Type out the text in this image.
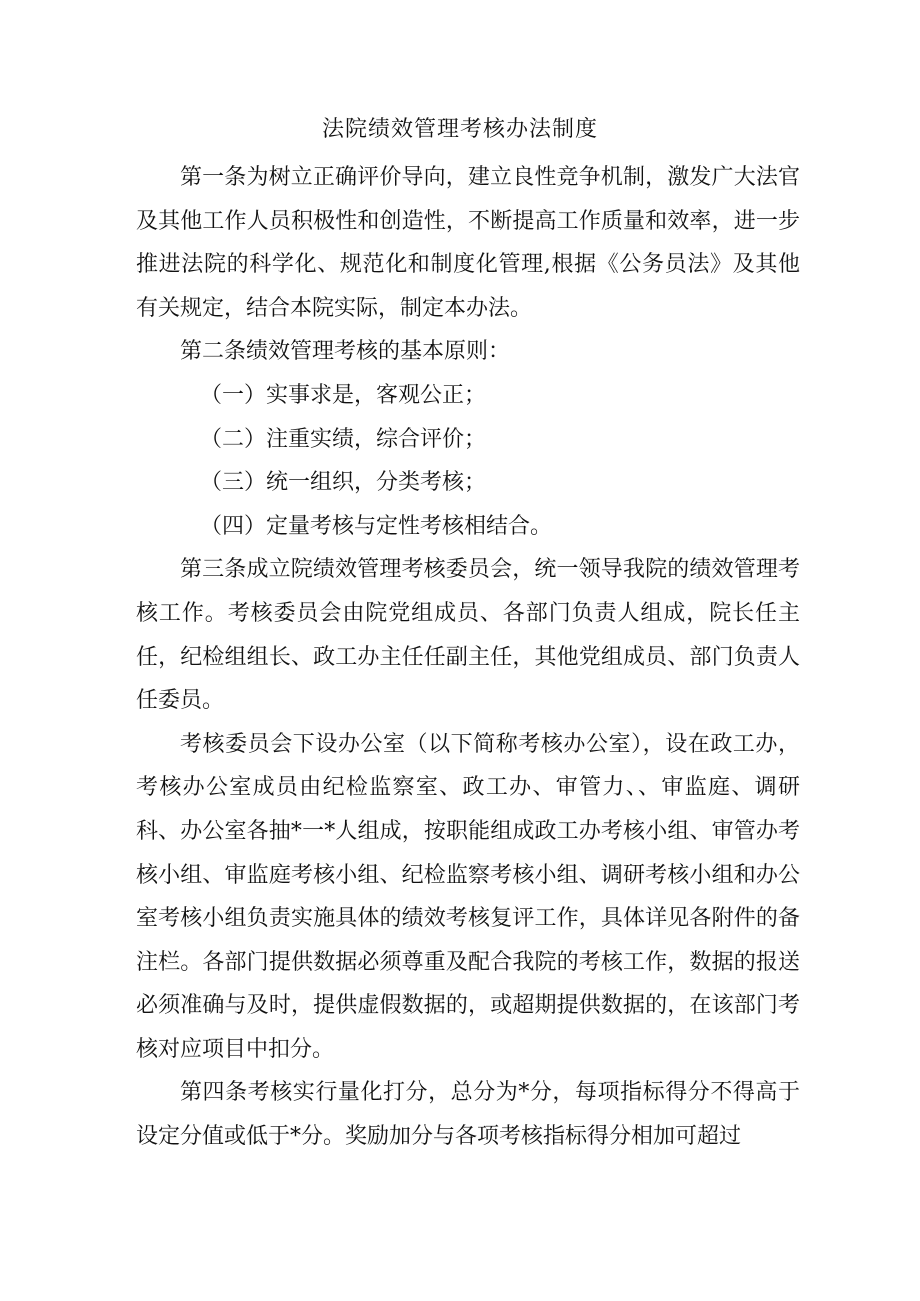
法院绩效管理考核办法制度

第一条为树立正确评价导向，建立良性竞争机制，激发广大法官及其他工作人员积极性和创造性，不断提高工作质量和效率，进一步推进法院的科学化、规范化和制度化管理,根据《公务员法》及其他有关规定，结合本院实际，制定本办法。

第二条绩效管理考核的基本原则：

（一）实事求是，客观公正；

（二）注重实绩，综合评价；

（三）统一组织，分类考核；

（四）定量考核与定性考核相结合。

第三条成立院绩效管理考核委员会，统一领导我院的绩效管理考核工作。考核委员会由院党组成员、各部门负责人组成，院长任主任，纪检组组长、政工办主任任副主任，其他党组成员、部门负责人任委员。

考核委员会下设办公室（以下简称考核办公室），设在政工办，考核办公室成员由纪检监察室、政工办、审管力、、审监庭、调研科、办公室各抽*一*人组成，按职能组成政工办考核小组、审管办考核小组、审监庭考核小组、纪检监察考核小组、调研考核小组和办公室考核小组负责实施具体的绩效考核复评工作，具体详见各附件的备注栏。各部门提供数据必须尊重及配合我院的考核工作，数据的报送必须准确与及时，提供虚假数据的，或超期提供数据的，在该部门考核对应项目中扣分。

第四条考核实行量化打分，总分为*分，每项指标得分不得高于设定分值或低于*分。奖励加分与各项考核指标得分相加可超过
